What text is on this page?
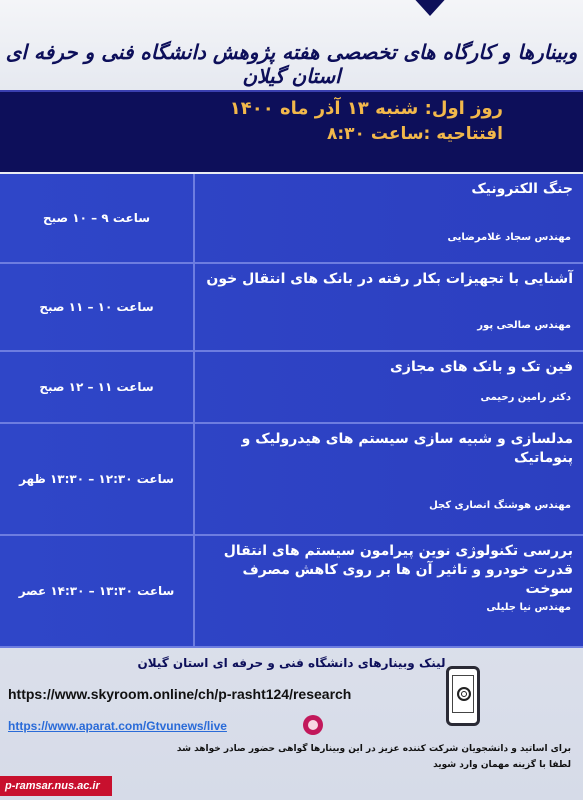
وبینارها و کارگاه های تخصصی هفته پژوهش دانشگاه فنی و حرفه ای استان گیلان
روز اول: شنبه ۱۳ آذر ماه ۱۴۰۰
افتتاحیه :ساعت ۸:۳۰
ساعت ۹ – ۱۰ صبح
جنگ الکترونیک
مهندس سجاد غلامرضایی
ساعت ۱۰ – ۱۱ صبح
آشنایی با تجهیزات بکار رفته در بانک های انتقال خون
مهندس صالحی پور
ساعت ۱۱ – ۱۲ صبح
فین تک و بانک های مجازی
دکتر رامین رحیمی
ساعت ۱۲:۳۰ – ۱۳:۳۰ ظهر
مدلسازی و شبیه سازی سیستم های هیدرولیک و پنوماتیک
مهندس هوشنگ انصاری کجل
ساعت ۱۳:۳۰ – ۱۴:۳۰ عصر
بررسی تکنولوژی نوین پیرامون سیستم های انتقال قدرت خودرو و تاثیر آن ها بر روی کاهش مصرف سوخت
مهندس نیا جلیلی
لینک وبینارهای دانشگاه فنی و حرفه ای استان گیلان
https://www.skyroom.online/ch/p-rasht124/research
https://www.aparat.com/Gtvunews/live
برای اساتید و دانشجویان شرکت کننده عزیز در این وبینارها گواهی حضور صادر خواهد شد
لطفا با گزینه مهمان وارد شوید
p-ramsar.nus.ac.ir
